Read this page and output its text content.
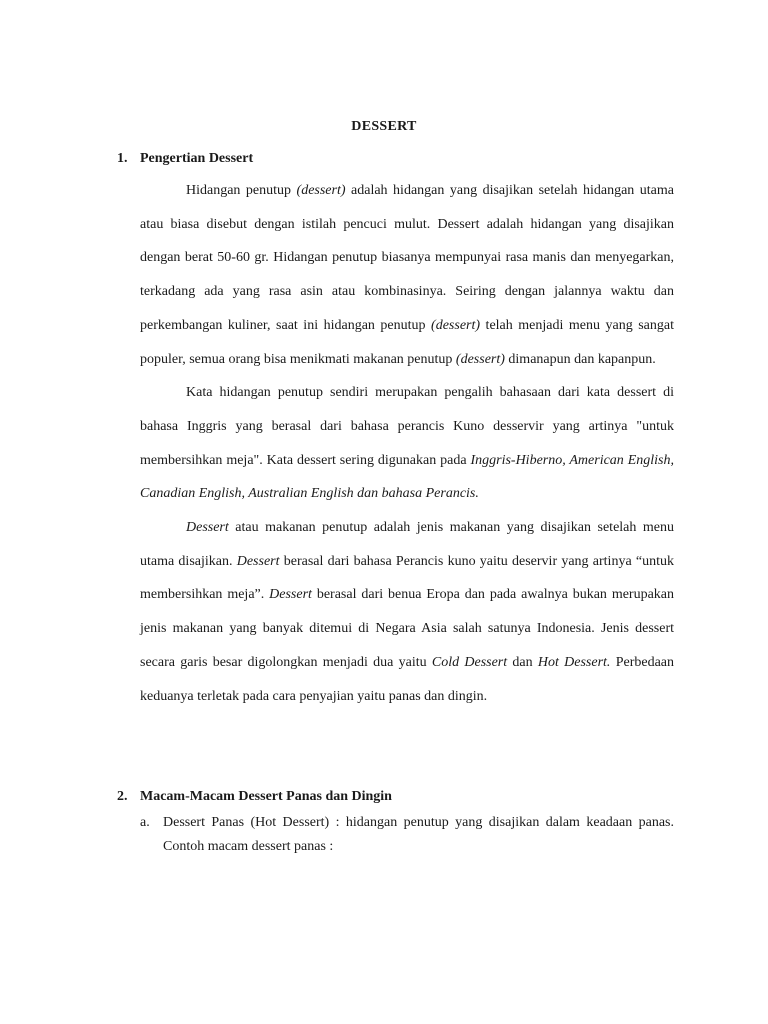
DESSERT
1. Pengertian Dessert

Hidangan penutup (dessert) adalah hidangan yang disajikan setelah hidangan utama atau biasa disebut dengan istilah pencuci mulut. Dessert adalah hidangan yang disajikan dengan berat 50-60 gr. Hidangan penutup biasanya mempunyai rasa manis dan menyegarkan, terkadang ada yang rasa asin atau kombinasinya. Seiring dengan jalannya waktu dan perkembangan kuliner, saat ini hidangan penutup (dessert) telah menjadi menu yang sangat populer, semua orang bisa menikmati makanan penutup (dessert) dimanapun dan kapanpun.

Kata hidangan penutup sendiri merupakan pengalih bahasaan dari kata dessert di bahasa Inggris yang berasal dari bahasa perancis Kuno desservir yang artinya "untuk membersihkan meja". Kata dessert sering digunakan pada Inggris-Hiberno, American English, Canadian English, Australian English dan bahasa Perancis.

Dessert atau makanan penutup adalah jenis makanan yang disajikan setelah menu utama disajikan. Dessert berasal dari bahasa Perancis kuno yaitu deservir yang artinya “untuk membersihkan meja”. Dessert berasal dari benua Eropa dan pada awalnya bukan merupakan jenis makanan yang banyak ditemui di Negara Asia salah satunya Indonesia. Jenis dessert secara garis besar digolongkan menjadi dua yaitu Cold Dessert dan Hot Dessert. Perbedaan keduanya terletak pada cara penyajian yaitu panas dan dingin.

2. Macam-Macam Dessert Panas dan Dingin
a. Dessert Panas (Hot Dessert) : hidangan penutup yang disajikan dalam keadaan panas. Contoh macam dessert panas :
